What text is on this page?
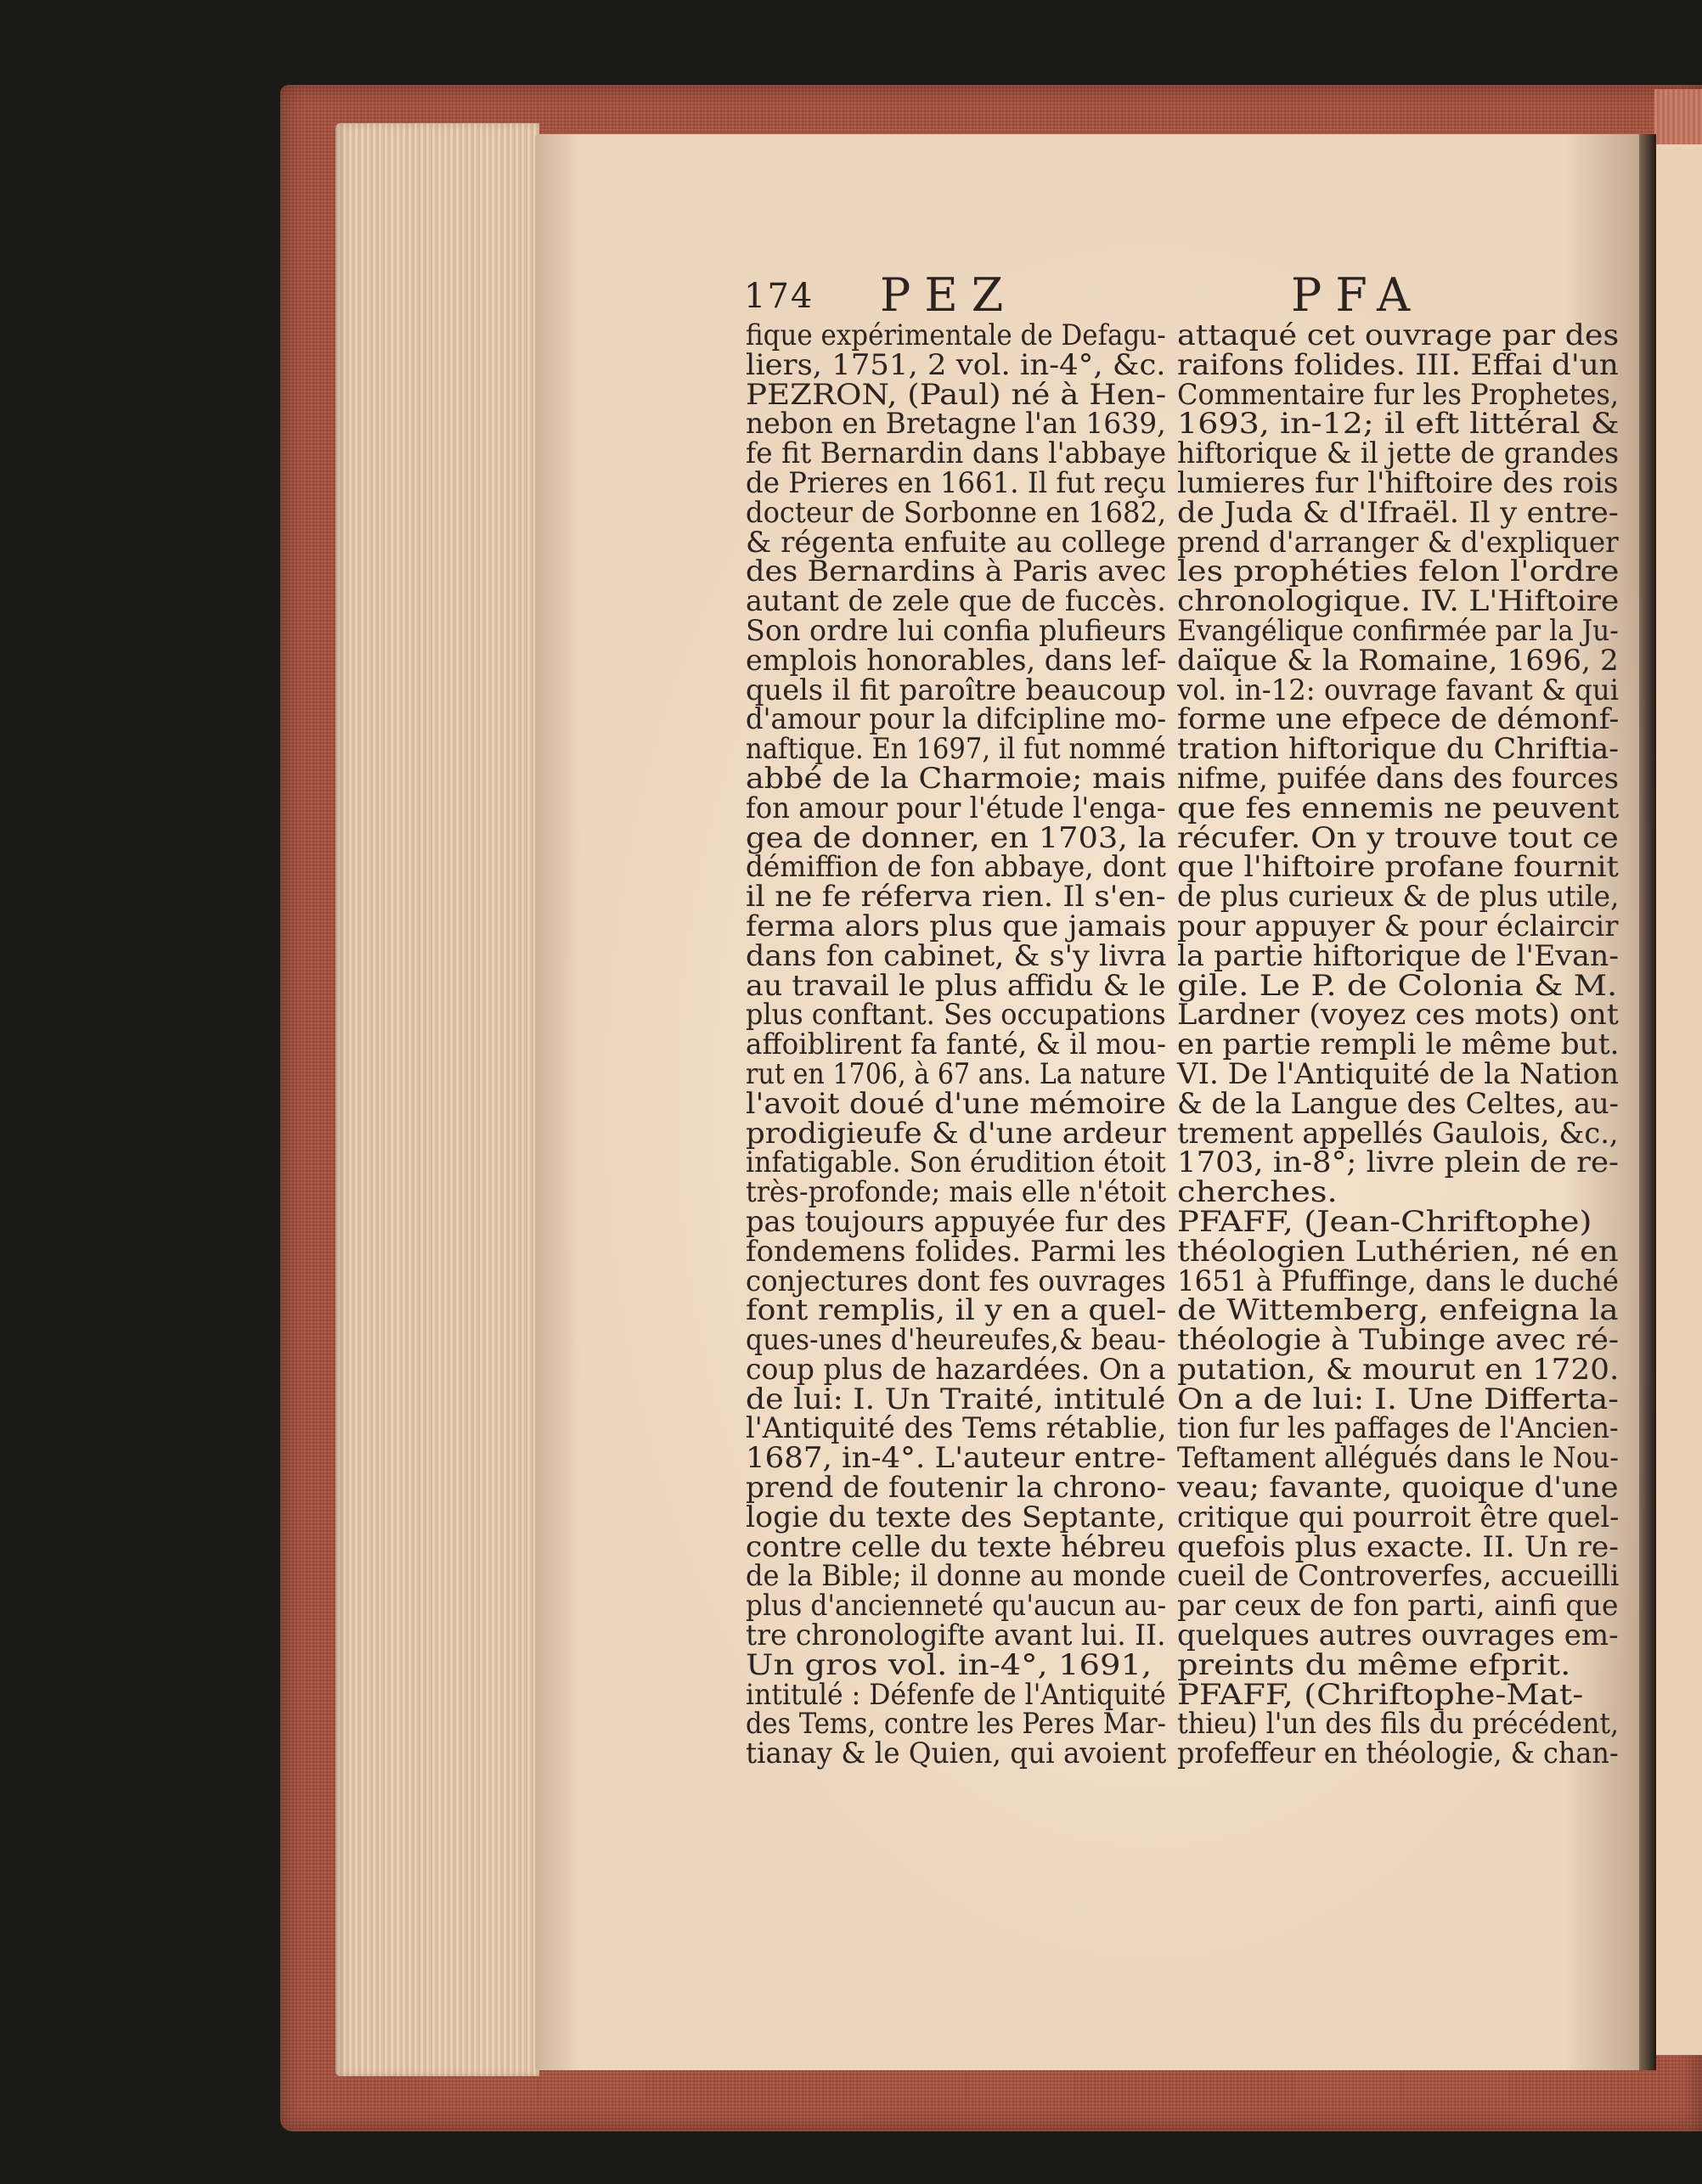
174 PEZ	PFA
fique expérimentale de Defagu-
liers, 1751, 2 vol. in-4°, &c.
PEZRON, (Paul) né à Hen-
nebon en Bretagne l'an 1639,
fe fit Bernardin dans l'abbaye
de Prieres en 1661. Il fut reçu
docteur de Sorbonne en 1682,
& régenta enfuite au college
des Bernardins à Paris avec
autant de zele que de fuccès.
Son ordre lui confia plufieurs
emplois honorables, dans lef-
quels il fit paroître beaucoup
d'amour pour la difcipline mo-
naftique. En 1697, il fut nommé
abbé de la Charmoie; mais
fon amour pour l'étude l'enga-
gea de donner, en 1703, la
démiffion de fon abbaye, dont
il ne fe réferva rien. Il s'en-
ferma alors plus que jamais
dans fon cabinet, & s'y livra
au travail le plus affidu & le
plus conftant. Ses occupations
affoiblirent fa fanté, & il mou-
rut en 1706, à 67 ans. La nature
l'avoit doué d'une mémoire
prodigieufe & d'une ardeur
infatigable. Son érudition étoit
très-profonde; mais elle n'étoit
pas toujours appuyée fur des
fondemens folides. Parmi les
conjectures dont fes ouvrages
font remplis, il y en a quel-
ques-unes d'heureufes,& beau-
coup plus de hazardées. On a
de lui: I. Un Traité, intitulé
l'Antiquité des Tems rétablie,
1687, in-4°. L'auteur entre-
prend de foutenir la chrono-
logie du texte des Septante,
contre celle du texte hébreu
de la Bible; il donne au monde
plus d'ancienneté qu'aucun au-
tre chronologifte avant lui. II.
Un gros vol. in-4°, 1691,
intitulé : Défenfe de l'Antiquité
des Tems, contre les Peres Mar-
tianay & le Quien, qui avoient
attaqué cet ouvrage par des
raifons folides. III. Effai d'un
Commentaire fur les Prophetes,
1693, in-12; il eft littéral &
hiftorique & il jette de grandes
lumieres fur l'hiftoire des rois
de Juda & d'Ifraël. Il y entre-
prend d'arranger & d'expliquer
les prophéties felon l'ordre
chronologique. IV. L'Hiftoire
Evangélique confirmée par la Ju-
daïque & la Romaine, 1696, 2
vol. in-12: ouvrage favant & qui
forme une efpece de démonf-
tration hiftorique du Chriftia-
nifme, puifée dans des fources
que fes ennemis ne peuvent
récufer. On y trouve tout ce
que l'hiftoire profane fournit
de plus curieux & de plus utile,
pour appuyer & pour éclaircir
la partie hiftorique de l'Evan-
gile. Le P. de Colonia & M.
Lardner (voyez ces mots) ont
en partie rempli le même but.
VI. De l'Antiquité de la Nation
& de la Langue des Celtes, au-
trement appellés Gaulois, &c.,
1703, in-8°; livre plein de re-
cherches.
PFAFF, (Jean-Chriftophe)
théologien Luthérien, né en
1651 à Pfuffinge, dans le duché
de Wittemberg, enfeigna la
théologie à Tubinge avec ré-
putation, & mourut en 1720.
On a de lui: I. Une Differta-
tion fur les paffages de l'Ancien-
Teftament allégués dans le Nou-
veau; favante, quoique d'une
critique qui pourroit être quel-
quefois plus exacte. II. Un re-
cueil de Controverfes, accueilli
par ceux de fon parti, ainfi que
quelques autres ouvrages em-
preints du même efprit.
PFAFF, (Chriftophe-Mat-
thieu) l'un des fils du précédent,
profeffeur en théologie, & chan-
